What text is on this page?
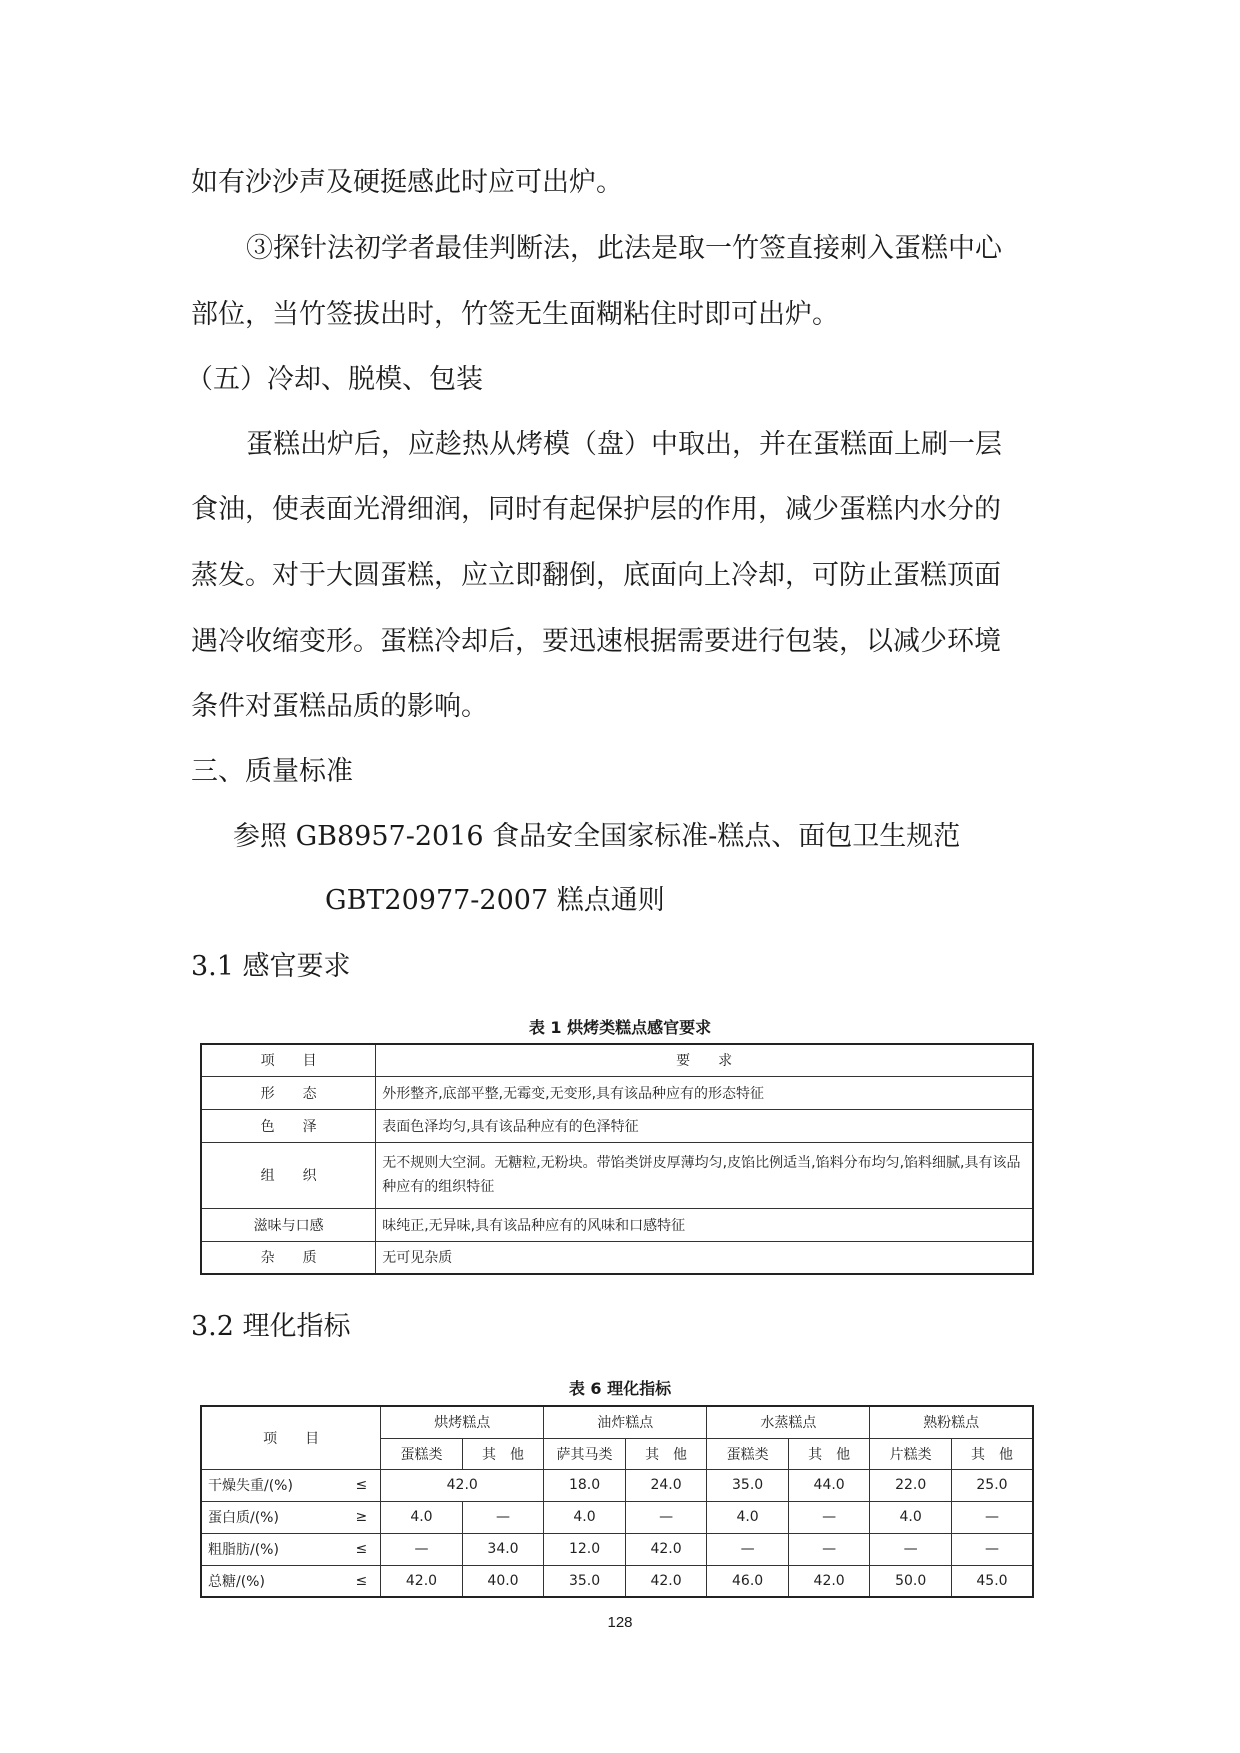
如有沙沙声及硬挺感此时应可出炉。
③探针法初学者最佳判断法，此法是取一竹签直接刺入蛋糕中心
部位，当竹签拔出时，竹签无生面糊粘住时即可出炉。
（五）冷却、脱模、包装
蛋糕出炉后，应趁热从烤模（盘）中取出，并在蛋糕面上刷一层
食油，使表面光滑细润，同时有起保护层的作用，减少蛋糕内水分的
蒸发。对于大圆蛋糕，应立即翻倒，底面向上冷却，可防止蛋糕顶面
遇冷收缩变形。蛋糕冷却后，要迅速根据需要进行包装，以减少环境
条件对蛋糕品质的影响。
三、质量标准
参照 GB8957-2016 食品安全国家标准-糕点、面包卫生规范
GBT20977-2007 糕点通则
3.1 感官要求
3.2 理化指标
表 1 烘烤类糕点感官要求
项　　目	要　　求
形　　态	外形整齐,底部平整,无霉变,无变形,具有该品种应有的形态特征
色　　泽	表面色泽均匀,具有该品种应有的色泽特征
组　　织	无不规则大空洞。无糖粒,无粉块。带馅类饼皮厚薄均匀,皮馅比例适当,馅料分布均匀,馅料细腻,具有该品种应有的组织特征
滋味与口感	味纯正,无异味,具有该品种应有的风味和口感特征
杂　　质	无可见杂质
表 6 理化指标
项　　目		烘烤糕点		油炸糕点		水蒸糕点		熟粉糕点	
		蛋糕类	其　他	萨其马类	其　他	蛋糕类	其　他	片糕类	其　他
干燥失重/(%)	≤	42.0		18.0	24.0	35.0	44.0	22.0	25.0
蛋白质/(%)	≥	4.0	—	4.0	—	4.0	—	4.0	—
粗脂肪/(%)	≤	—	34.0	12.0	42.0	—	—	—	—
总糖/(%)	≤	42.0	40.0	35.0	42.0	46.0	42.0	50.0	45.0
128
